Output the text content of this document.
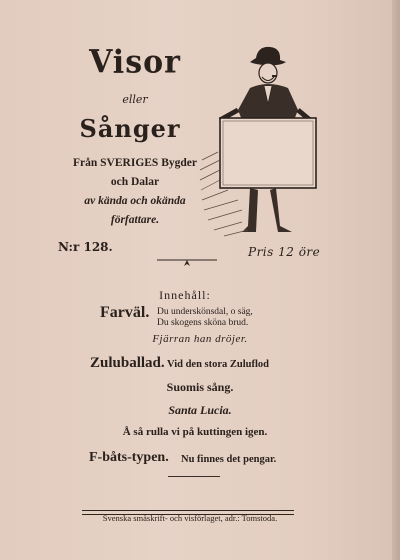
Visor
eller
Sånger
Från SVERIGES Bygder
och Dalar
av kända och okända
författare.
N:r 128.	Pris 12 öre
Innehåll:
Farväl. Du underskönsdal, o säg,
Du skogens sköna brud.
Fjärran han dröjer.
Zuluballad. Vid den stora Zuluflod
Suomis sång.
Santa Lucia.
Å så rulla vi på kuttingen igen.
F-båts-typen. Nu finnes det pengar.
Svenska småskrift- och visförlaget, adr.: Tomstoda.
